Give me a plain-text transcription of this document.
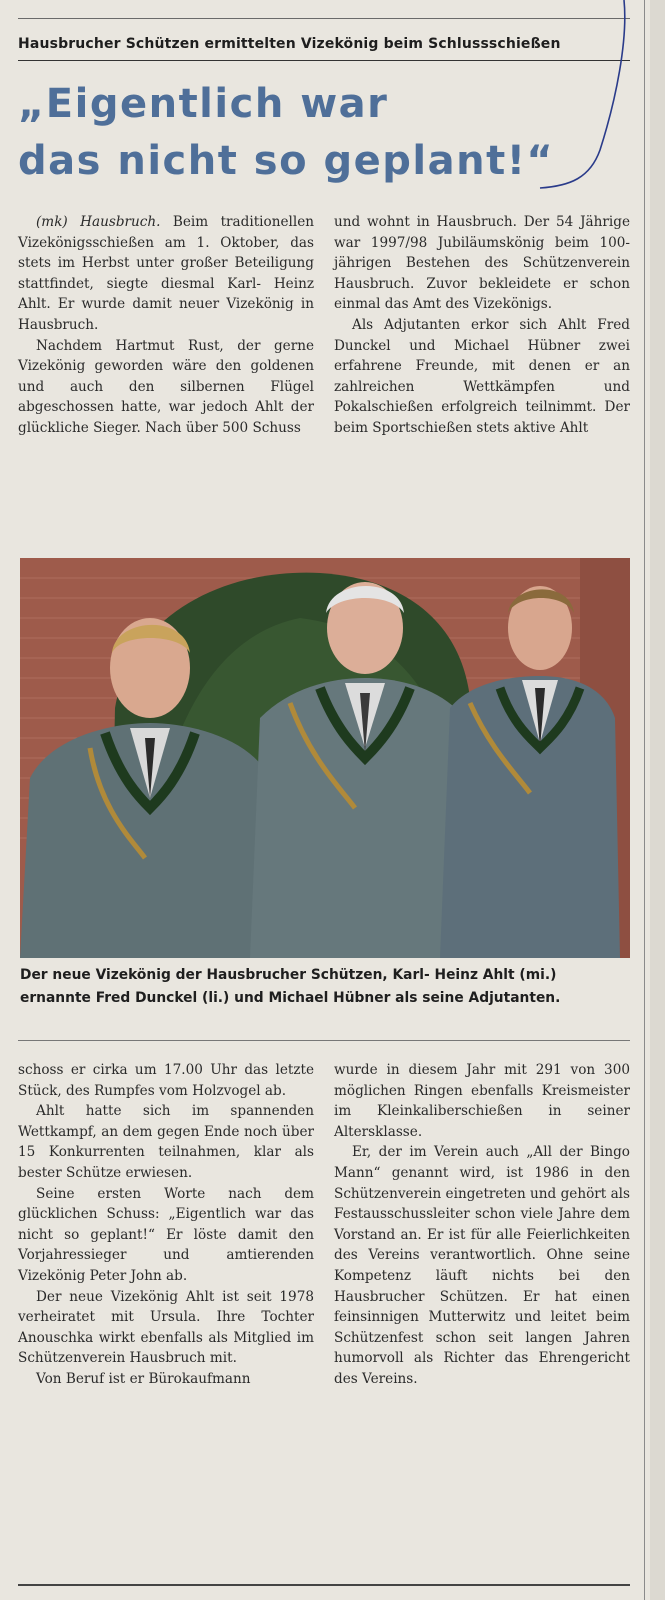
Hausbrucher Schützen ermittelten Vizekönig beim Schlussschießen
„Eigentlich war
das nicht so geplant!“

(mk) Hausbruch. Beim traditionellen Vizekönigsschießen am 1. Oktober, das stets im Herbst unter großer Beteiligung stattfindet, siegte diesmal Karl- Heinz Ahlt. Er wurde damit neuer Vizekönig in Hausbruch.

Nachdem Hartmut Rust, der gerne Vizekönig geworden wäre den goldenen und auch den silbernen Flügel abgeschossen hatte, war jedoch Ahlt der glückliche Sieger. Nach über 500 Schuss

und wohnt in Hausbruch. Der 54 Jährige war 1997/98 Jubiläumskönig beim 100-jährigen Bestehen des Schützenverein Hausbruch. Zuvor bekleidete er schon einmal das Amt des Vizekönigs.

Als Adjutanten erkor sich Ahlt Fred Dunckel und Michael Hübner zwei erfahrene Freunde, mit denen er an zahlreichen Wettkämpfen und Pokalschießen erfolgreich teilnimmt. Der beim Sportschießen stets aktive Ahlt

Der neue Vizekönig der Hausbrucher Schützen, Karl- Heinz Ahlt (mi.) ernannte Fred Dunckel (li.) und Michael Hübner als seine Adjutanten.

schoss er cirka um 17.00 Uhr das letzte Stück, des Rumpfes vom Holzvogel ab.

Ahlt hatte sich im spannenden Wettkampf, an dem gegen Ende noch über 15 Konkurrenten teilnahmen, klar als bester Schütze erwiesen.

Seine ersten Worte nach dem glücklichen Schuss: „Eigentlich war das nicht so geplant!“ Er löste damit den Vorjahressieger und amtierenden Vizekönig Peter John ab.

Der neue Vizekönig Ahlt ist seit 1978 verheiratet mit Ursula. Ihre Tochter Anouschka wirkt ebenfalls als Mitglied im Schützenverein Hausbruch mit.

Von Beruf ist er Bürokaufmann

wurde in diesem Jahr mit 291 von 300 möglichen Ringen ebenfalls Kreismeister im Kleinkaliberschießen in seiner Altersklasse.

Er, der im Verein auch „All der Bingo Mann“ genannt wird, ist 1986 in den Schützenverein eingetreten und gehört als Festausschussleiter schon viele Jahre dem Vorstand an. Er ist für alle Feierlichkeiten des Vereins verantwortlich. Ohne seine Kompetenz läuft nichts bei den Hausbrucher Schützen. Er hat einen feinsinnigen Mutterwitz und leitet beim Schützenfest schon seit langen Jahren humorvoll als Richter das Ehrengericht des Vereins.
